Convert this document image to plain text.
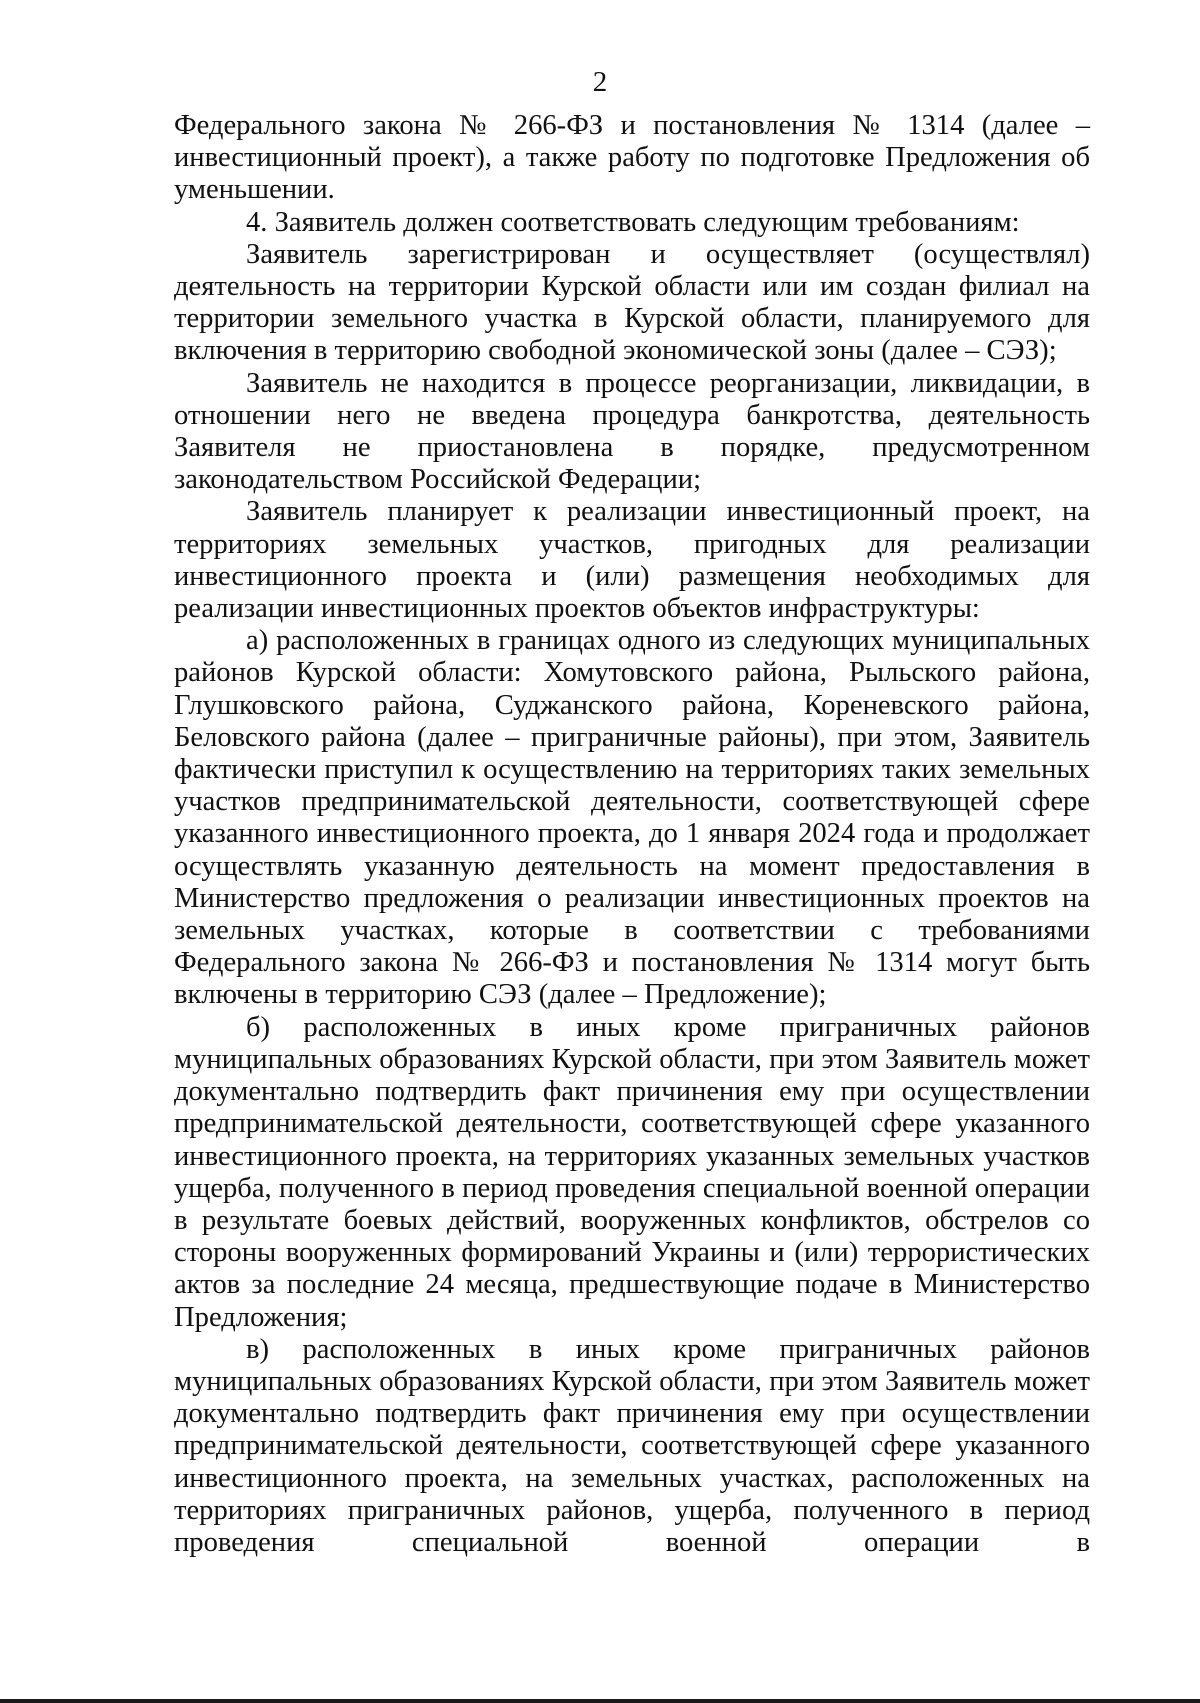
2

Федерального закона № 266-ФЗ и постановления № 1314 (далее – инвестиционный проект), а также работу по подготовке Предложения об уменьшении.

4. Заявитель должен соответствовать следующим требованиям:

Заявитель зарегистрирован и осуществляет (осуществлял) деятельность на территории Курской области или им создан филиал на территории земельного участка в Курской области, планируемого для включения в территорию свободной экономической зоны (далее – СЭЗ);

Заявитель не находится в процессе реорганизации, ликвидации, в отношении него не введена процедура банкротства, деятельность Заявителя не приостановлена в порядке, предусмотренном законодательством Российской Федерации;

Заявитель планирует к реализации инвестиционный проект, на территориях земельных участков, пригодных для реализации инвестиционного проекта и (или) размещения необходимых для реализации инвестиционных проектов объектов инфраструктуры:

а) расположенных в границах одного из следующих муниципальных районов Курской области: Хомутовского района, Рыльского района, Глушковского района, Суджанского района, Кореневского района, Беловского района (далее – приграничные районы), при этом, Заявитель фактически приступил к осуществлению на территориях таких земельных участков предпринимательской деятельности, соответствующей сфере указанного инвестиционного проекта, до 1 января 2024 года и продолжает осуществлять указанную деятельность на момент предоставления в Министерство предложения о реализации инвестиционных проектов на земельных участках, которые в соответствии с требованиями Федерального закона № 266-ФЗ и постановления № 1314 могут быть включены в территорию СЭЗ (далее – Предложение);

б) расположенных в иных кроме приграничных районов муниципальных образованиях Курской области, при этом Заявитель может документально подтвердить факт причинения ему при осуществлении предпринимательской деятельности, соответствующей сфере указанного инвестиционного проекта, на территориях указанных земельных участков ущерба, полученного в период проведения специальной военной операции в результате боевых действий, вооруженных конфликтов, обстрелов со стороны вооруженных формирований Украины и (или) террористических актов за последние 24 месяца, предшествующие подаче в Министерство Предложения;

в) расположенных в иных кроме приграничных районов муниципальных образованиях Курской области, при этом Заявитель может документально подтвердить факт причинения ему при осуществлении предпринимательской деятельности, соответствующей сфере указанного инвестиционного проекта, на земельных участках, расположенных на территориях приграничных районов, ущерба, полученного в период проведения специальной военной операции в
